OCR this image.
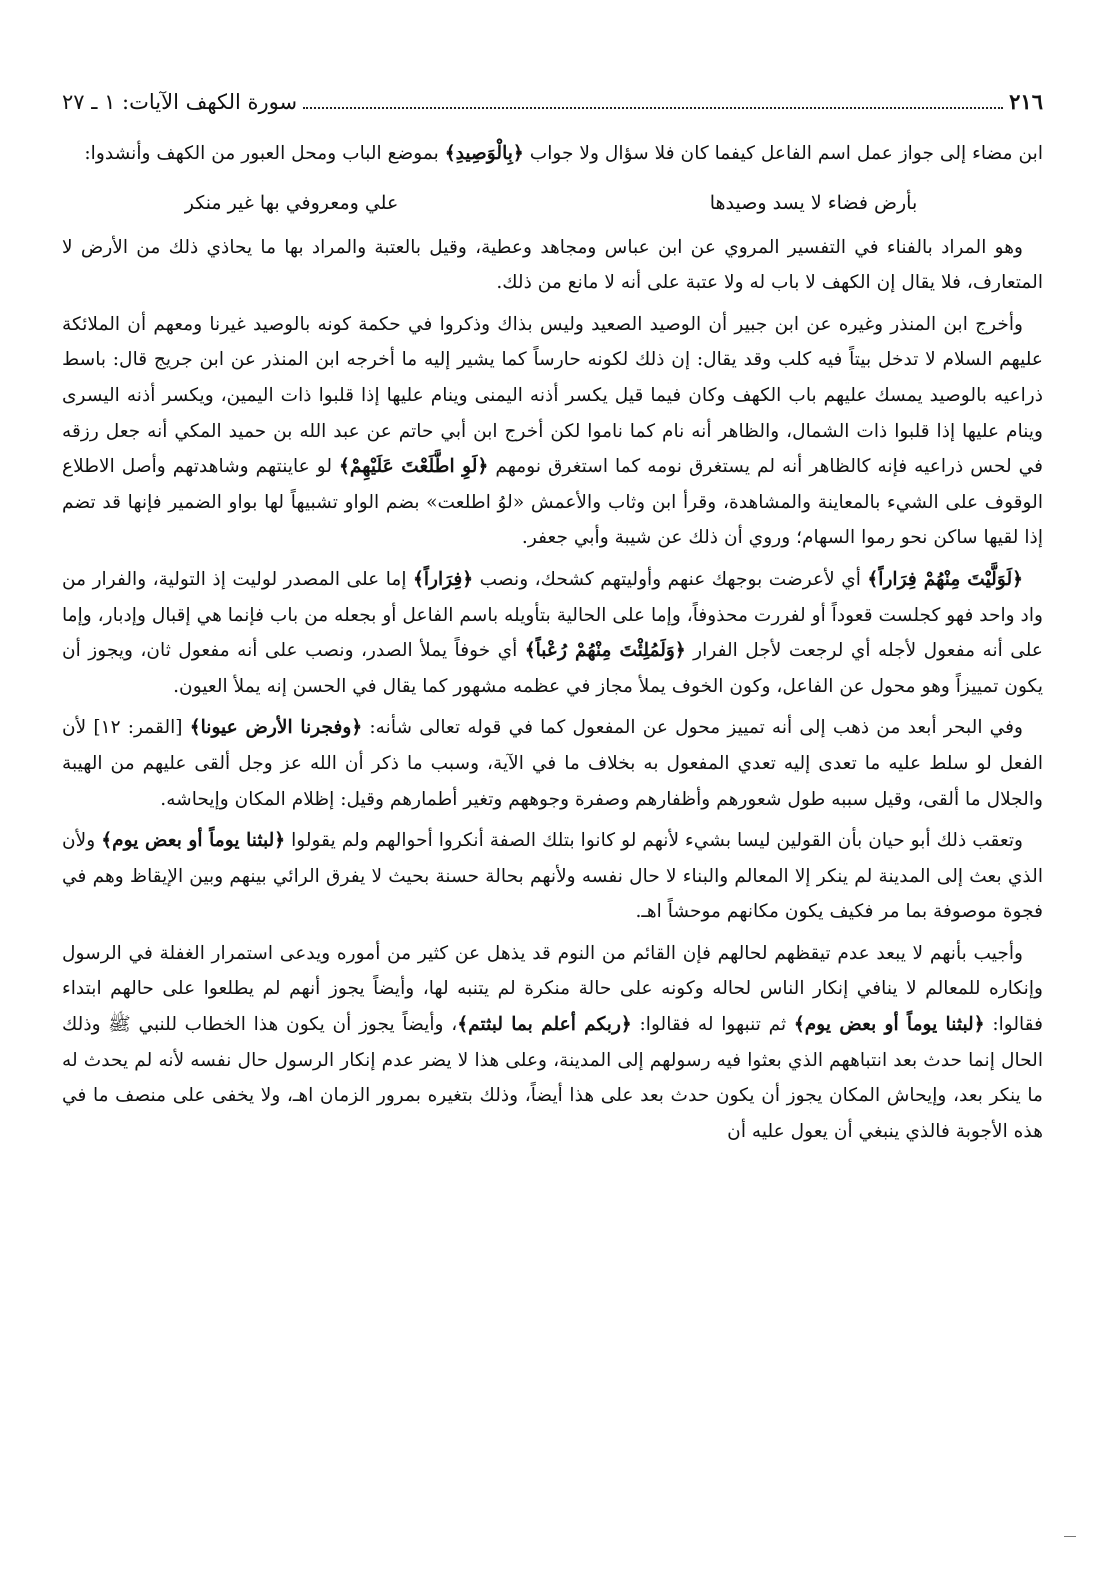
٢١٦
سورة الكهف الآيات: ١ ـ ٢٧

ابن مضاء إلى جواز عمل اسم الفاعل كيفما كان فلا سؤال ولا جواب ﴿بِالْوَصِيدِ﴾ بموضع الباب ومحل العبور من الكهف وأنشدوا:

بأرض فضاء لا يسد وصيدها
علي ومعروفي بها غير منكر

وهو المراد بالفناء في التفسير المروي عن ابن عباس ومجاهد وعطية، وقيل بالعتبة والمراد بها ما يحاذي ذلك من الأرض لا المتعارف، فلا يقال إن الكهف لا باب له ولا عتبة على أنه لا مانع من ذلك.

وأخرج ابن المنذر وغيره عن ابن جبير أن الوصيد الصعيد وليس بذاك وذكروا في حكمة كونه بالوصيد غيرنا ومعهم أن الملائكة عليهم السلام لا تدخل بيتاً فيه كلب وقد يقال: إن ذلك لكونه حارساً كما يشير إليه ما أخرجه ابن المنذر عن ابن جريج قال: باسط ذراعيه بالوصيد يمسك عليهم باب الكهف وكان فيما قيل يكسر أذنه اليمنى وينام عليها إذا قلبوا ذات اليمين، ويكسر أذنه اليسرى وينام عليها إذا قلبوا ذات الشمال، والظاهر أنه نام كما ناموا لكن أخرج ابن أبي حاتم عن عبد الله بن حميد المكي أنه جعل رزقه في لحس ذراعيه فإنه كالظاهر أنه لم يستغرق نومه كما استغرق نومهم ﴿لَوِ اطَّلَعْتَ عَلَيْهِمْ﴾ لو عاينتهم وشاهدتهم وأصل الاطلاع الوقوف على الشيء بالمعاينة والمشاهدة، وقرأ ابن وثاب والأعمش «لوُ اطلعت» بضم الواو تشبيهاً لها بواو الضمير فإنها قد تضم إذا لقيها ساكن نحو رموا السهام؛ وروي أن ذلك عن شيبة وأبي جعفر.

﴿لَوَلَّيْتَ مِنْهُمْ فِرَاراً﴾ أي لأعرضت بوجهك عنهم وأوليتهم كشحك، ونصب ﴿فِرَاراً﴾ إما على المصدر لوليت إذ التولية، والفرار من واد واحد فهو كجلست قعوداً أو لفررت محذوفاً، وإما على الحالية بتأويله باسم الفاعل أو بجعله من باب فإنما هي إقبال وإدبار، وإما على أنه مفعول لأجله أي لرجعت لأجل الفرار ﴿وَلَمُلِئْتَ مِنْهُمْ رُعْباً﴾ أي خوفاً يملأ الصدر، ونصب على أنه مفعول ثان، ويجوز أن يكون تمييزاً وهو محول عن الفاعل، وكون الخوف يملأ مجاز في عظمه مشهور كما يقال في الحسن إنه يملأ العيون.

وفي البحر أبعد من ذهب إلى أنه تمييز محول عن المفعول كما في قوله تعالى شأنه: ﴿وفجرنا الأرض عيونا﴾ [القمر: ١٢] لأن الفعل لو سلط عليه ما تعدى إليه تعدي المفعول به بخلاف ما في الآية، وسبب ما ذكر أن الله عز وجل ألقى عليهم من الهيبة والجلال ما ألقى، وقيل سببه طول شعورهم وأظفارهم وصفرة وجوههم وتغير أطمارهم وقيل: إظلام المكان وإيحاشه.

وتعقب ذلك أبو حيان بأن القولين ليسا بشيء لأنهم لو كانوا بتلك الصفة أنكروا أحوالهم ولم يقولوا ﴿لبثنا يوماً أو بعض يوم﴾ ولأن الذي بعث إلى المدينة لم ينكر إلا المعالم والبناء لا حال نفسه ولأنهم بحالة حسنة بحيث لا يفرق الرائي بينهم وبين الإيقاظ وهم في فجوة موصوفة بما مر فكيف يكون مكانهم موحشاً اهـ.

وأجيب بأنهم لا يبعد عدم تيقظهم لحالهم فإن القائم من النوم قد يذهل عن كثير من أموره ويدعى استمرار الغفلة في الرسول وإنكاره للمعالم لا ينافي إنكار الناس لحاله وكونه على حالة منكرة لم يتنبه لها، وأيضاً يجوز أنهم لم يطلعوا على حالهم ابتداء فقالوا: ﴿لبثنا يوماً أو بعض يوم﴾ ثم تنبهوا له فقالوا: ﴿ربكم أعلم بما لبثتم﴾، وأيضاً يجوز أن يكون هذا الخطاب للنبي ﷺ وذلك الحال إنما حدث بعد انتباههم الذي بعثوا فيه رسولهم إلى المدينة، وعلى هذا لا يضر عدم إنكار الرسول حال نفسه لأنه لم يحدث له ما ينكر بعد، وإيحاش المكان يجوز أن يكون حدث بعد على هذا أيضاً، وذلك بتغيره بمرور الزمان اهـ، ولا يخفى على منصف ما في هذه الأجوبة فالذي ينبغي أن يعول عليه أن
